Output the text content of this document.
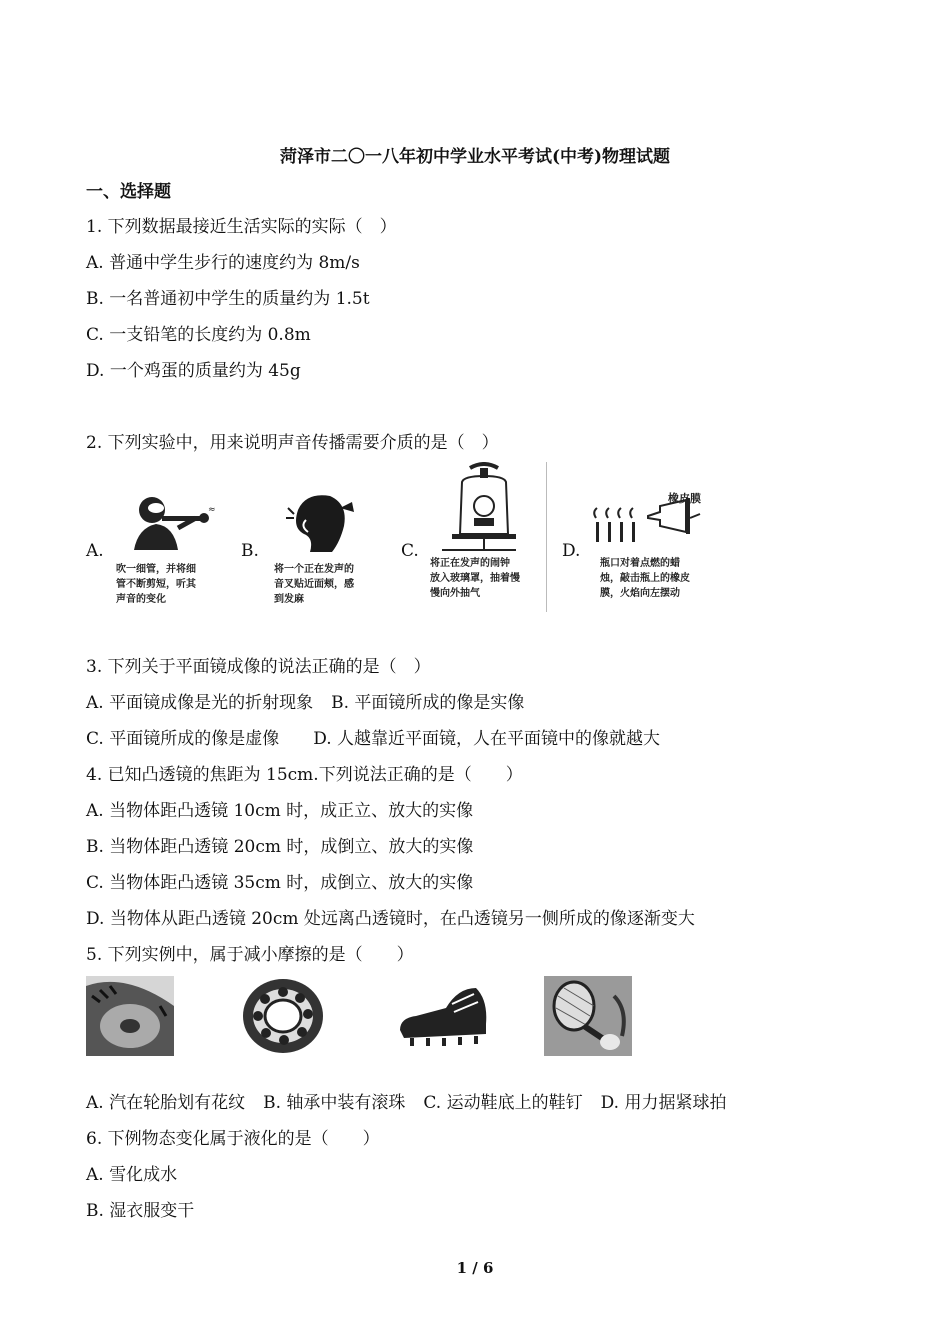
菏泽市二〇一八年初中学业水平考试(中考)物理试题
一、选择题
1. 下列数据最接近生活实际的实际（　）
A. 普通中学生步行的速度约为 8m/s
B. 一名普通初中学生的质量约为 1.5t
C. 一支铅笔的长度约为 0.8m
D. 一个鸡蛋的质量约为 45g
2. 下列实验中，用来说明声音传播需要介质的是（　）
A.	B.	C.	D.
≈
吹一细管，并将细
管不断剪短，听其
声音的变化
将一个正在发声的
音叉贴近面颊，感
到发麻
将正在发声的闹钟
放入玻璃罩，抽着慢
慢向外抽气
橡皮膜
瓶口对着点燃的蜡
烛，敲击瓶上的橡皮
膜，火焰向左摆动
3. 下列关于平面镜成像的说法正确的是（　）
A. 平面镜成像是光的折射现象 B. 平面镜所成的像是实像
C. 平面镜所成的像是虚像 D. 人越靠近平面镜，人在平面镜中的像就越大
4. 已知凸透镜的焦距为 15cm.下列说法正确的是（　　）
A. 当物体距凸透镜 10cm 时，成正立、放大的实像
B. 当物体距凸透镜 20cm 时，成倒立、放大的实像
C. 当物体距凸透镜 35cm 时，成倒立、放大的实像
D. 当物体从距凸透镜 20cm 处远离凸透镜时，在凸透镜另一侧所成的像逐渐变大
5. 下列实例中，属于减小摩擦的是（　　）
A. 汽在轮胎划有花纹 B. 轴承中装有滚珠 C. 运动鞋底上的鞋钉 D. 用力据紧球拍
6. 下例物态变化属于液化的是（　　）
A. 雪化成水
B. 湿衣服变干
1 / 6
